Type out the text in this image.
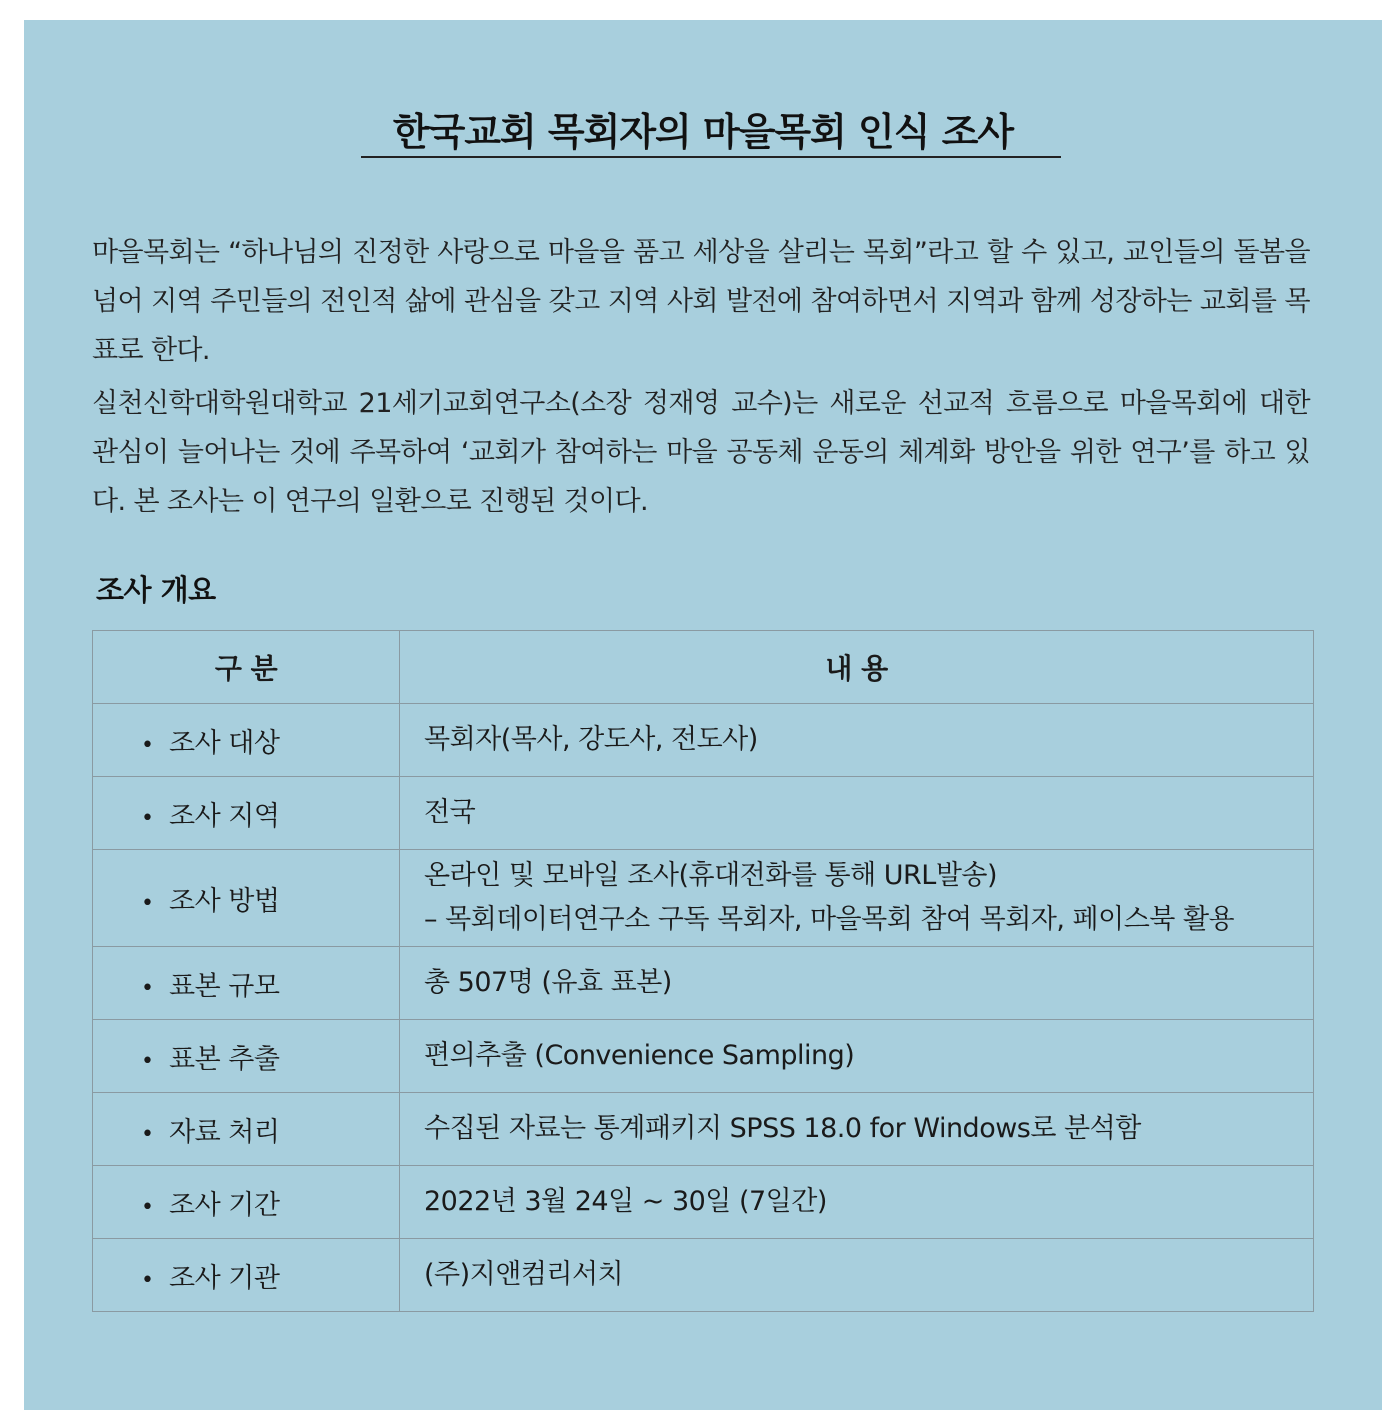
한국교회 목회자의 마을목회 인식 조사

마을목회는 “하나님의 진정한 사랑으로 마을을 품고 세상을 살리는 목회”라고 할 수 있고, 교인들의 돌봄을 넘어 지역 주민들의 전인적 삶에 관심을 갖고 지역 사회 발전에 참여하면서 지역과 함께 성장하는 교회를 목표로 한다.

실천신학대학원대학교 21세기교회연구소(소장 정재영 교수)는 새로운 선교적 흐름으로 마을목회에 대한 관심이 늘어나는 것에 주목하여 ‘교회가 참여하는 마을 공동체 운동의 체계화 방안을 위한 연구’를 하고 있다. 본 조사는 이 연구의 일환으로 진행된 것이다.

조사 개요
구 분	내 용
• 조사 대상	목회자(목사, 강도사, 전도사)
• 조사 지역	전국
• 조사 방법	온라인 및 모바일 조사(휴대전화를 통해 URL발송)
– 목회데이터연구소 구독 목회자, 마을목회 참여 목회자, 페이스북 활용

• 표본 규모	총 507명 (유효 표본)
• 표본 추출	편의추출 (Convenience Sampling)
• 자료 처리	수집된 자료는 통계패키지 SPSS 18.0 for Windows로 분석함
• 조사 기간	2022년 3월 24일 ~ 30일 (7일간)
• 조사 기관	(주)지앤컴리서치
